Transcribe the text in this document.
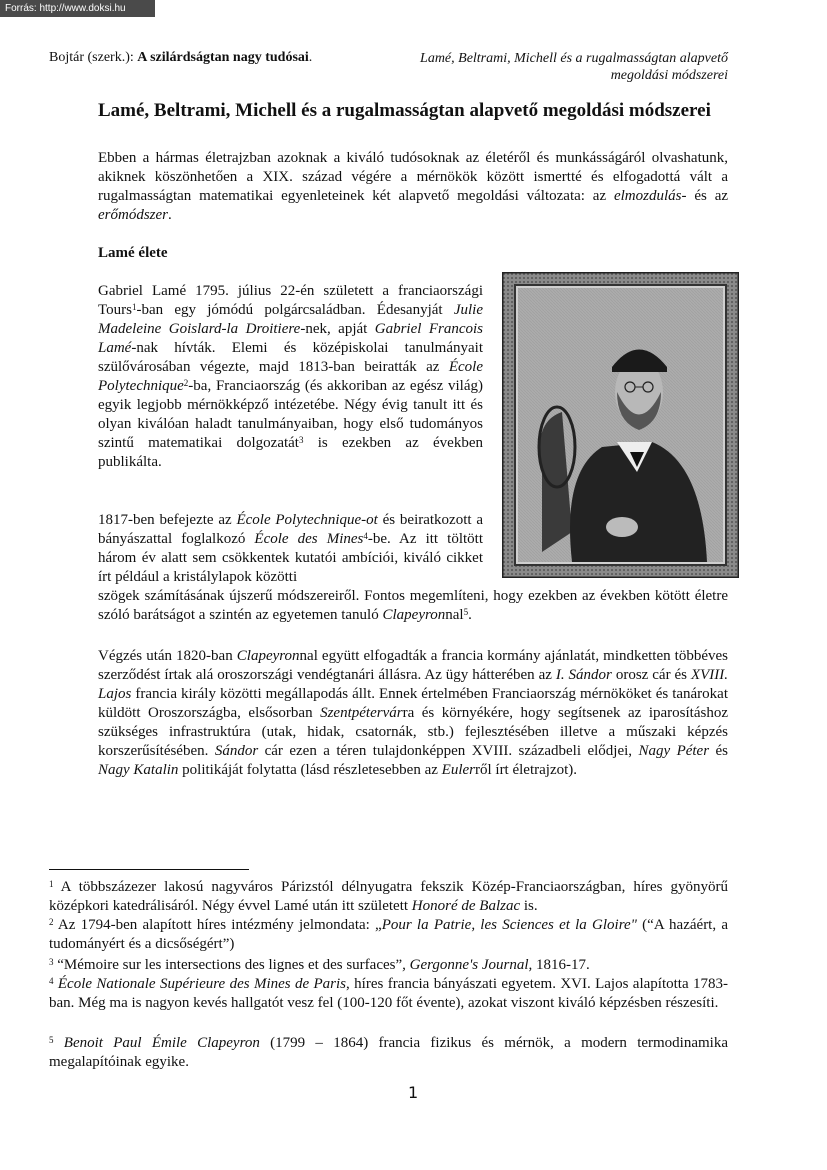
Forrás: http://www.doksi.hu
Bojtár (szerk.): A szilárdságtan nagy tudósai.	Lamé, Beltrami, Michell és a rugalmasságtan alapvető
megoldási módszerei
Lamé, Beltrami, Michell és a rugalmasságtan alapvető megoldási módszerei
Ebben a hármas életrajzban azoknak a kiváló tudósoknak az életéről és munkásságáról olvashatunk, akiknek köszönhetően a XIX. század végére a mérnökök között ismertté és elfogadottá vált a rugalmasságtan matematikai egyenleteinek két alapvető megoldási változata: az elmozdulás- és az erőmódszer.
Lamé élete
Gabriel Lamé 1795. július 22-én született a franciaországi Tours$^1$-ban egy jómódú polgárcsaládban. Édesanyját Julie Madeleine Goislard-la Droitiere-nek, apját Gabriel Francois Lamé-nak hívták. Elemi és középiskolai tanulmányait szülővárosában végezte, majd 1813-ban beiratták az École Polytechnique$^2$-ba, Franciaország (és akkoriban az egész világ) egyik legjobb mérnökképző intézetébe. Négy évig tanult itt és olyan kiválóan haladt tanulmányaiban, hogy első tudományos szintű matematikai dolgozatát$^3$ is ezekben az években publikálta.
1817-ben befejezte az École Polytechnique-ot és beiratkozott a bányászattal foglalkozó École des Mines$^4$-be. Az itt töltött három év alatt sem csökkentek kutatói ambíciói, kiváló cikket írt például a kristálylapok közötti
szögek számításának újszerű módszereiről. Fontos megemlíteni, hogy ezekben az években kötött életre szóló barátságot a szintén az egyetemen tanuló Clapeyronnal$^5$.
Végzés után 1820-ban Clapeyronnal együtt elfogadták a francia kormány ajánlatát, mindketten többéves szerződést írtak alá oroszországi vendégtanári állásra. Az ügy hátterében az I. Sándor orosz cár és XVIII. Lajos francia király közötti megállapodás állt. Ennek értelmében Franciaország mérnököket és tanárokat küldött Oroszországba, elsősorban Szentpétervárra és környékére, hogy segítsenek az iparosításhoz szükséges infrastruktúra (utak, hidak, csatornák, stb.) fejlesztésében illetve a műszaki képzés korszerűsítésében. Sándor cár ezen a téren tulajdonképpen XVIII. századbeli elődjei, Nagy Péter és Nagy Katalin politikáját folytatta (lásd részletesebben az Eulerről írt életrajzot).
$^1$ A többszázezer lakosú nagyváros Párizstól délnyugatra fekszik Közép-Franciaországban, híres gyönyörű középkori katedrálisáról. Négy évvel Lamé után itt született Honoré de Balzac is.
$^2$ Az 1794-ben alapított híres intézmény jelmondata: „Pour la Patrie, les Sciences et la Gloire" (“A hazáért, a tudományért és a dicsőségért”)
$^3$ “Mémoire sur les intersections des lignes et des surfaces”, Gergonne's Journal, 1816-17.
$^4$ École Nationale Supérieure des Mines de Paris, híres francia bányászati egyetem. XVI. Lajos alapította 1783-ban. Még ma is nagyon kevés hallgatót vesz fel (100-120 főt évente), azokat viszont kiváló képzésben részesíti.
$^5$ Benoit Paul Émile Clapeyron (1799 – 1864) francia fizikus és mérnök, a modern termodinamika megalapítóinak egyike.
1
